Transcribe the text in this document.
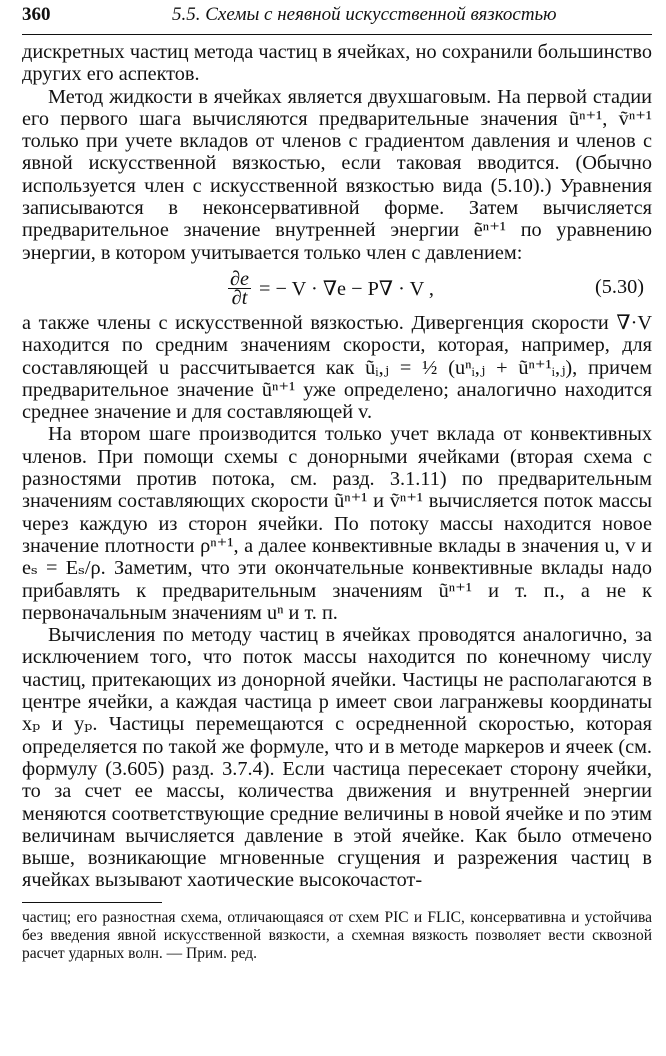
360	5.5. Схемы с неявной искусственной вязкостью

дискретных частиц метода частиц в ячейках, но сохранили большинство других его аспектов.

Метод жидкости в ячейках является двухшаговым. На первой стадии его первого шага вычисляются предварительные значения ũⁿ⁺¹, ṽⁿ⁺¹ только при учете вкладов от членов с градиентом давления и членов с явной искусственной вязкостью, если таковая вводится. (Обычно используется член с искусственной вязкостью вида (5.10).) Уравнения записываются в неконсервативной форме. Затем вычисляется предварительное значение внутренней энергии ẽⁿ⁺¹ по уравнению энергии, в котором учитывается только член с давлением:

$\frac{\partial e}{\partial t}$ = − V · ∇e − P∇ · V ,	(5.30)

а также члены с искусственной вязкостью. Дивергенция скорости ∇·V находится по средним значениям скорости, которая, например, для составляющей u рассчитывается как ũᵢ,ⱼ = ½ (uⁿᵢ,ⱼ + ũⁿ⁺¹ᵢ,ⱼ), причем предварительное значение ũⁿ⁺¹ уже определено; аналогично находится среднее значение и для составляющей v.

На втором шаге производится только учет вклада от конвективных членов. При помощи схемы с донорными ячейками (вторая схема с разностями против потока, см. разд. 3.1.11) по предварительным значениям составляющих скорости ũⁿ⁺¹ и ṽⁿ⁺¹ вычисляется поток массы через каждую из сторон ячейки. По потоку массы находится новое значение плотности ρⁿ⁺¹, а далее конвективные вклады в значения u, v и eₛ = Eₛ/ρ. Заметим, что эти окончательные конвективные вклады надо прибавлять к предварительным значениям ũⁿ⁺¹ и т. п., а не к первоначальным значениям uⁿ и т. п.

Вычисления по методу частиц в ячейках проводятся аналогично, за исключением того, что поток массы находится по конечному числу частиц, притекающих из донорной ячейки. Частицы не располагаются в центре ячейки, а каждая частица p имеет свои лагранжевы координаты xₚ и yₚ. Частицы перемещаются с осредненной скоростью, которая определяется по такой же формуле, что и в методе маркеров и ячеек (см. формулу (3.605) разд. 3.7.4). Если частица пересекает сторону ячейки, то за счет ее массы, количества движения и внутренней энергии меняются соответствующие средние величины в новой ячейке и по этим величинам вычисляется давление в этой ячейке. Как было отмечено выше, возникающие мгновенные сгущения и разрежения частиц в ячейках вызывают хаотические высокочастот-

частиц; его разностная схема, отличающаяся от схем PIC и FLIC, консервативна и устойчива без введения явной искусственной вязкости, а схемная вязкость позволяет вести сквозной расчет ударных волн. — Прим. ред.
